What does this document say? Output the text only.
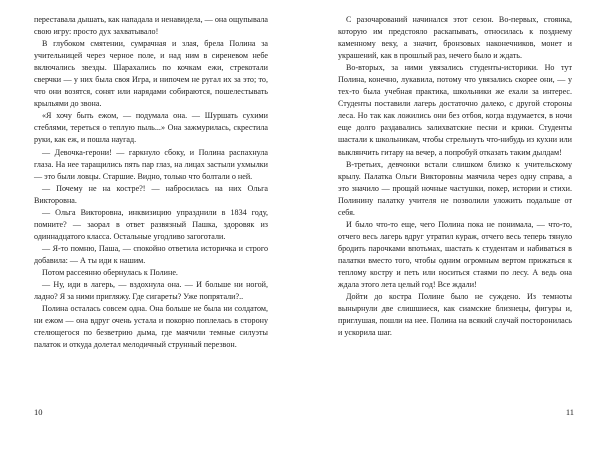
переставала дышать, как нападала и ненавидела, — она ощупывала свою игру: просто дух захватывало!

В глубоком смятении, сумрачная и злая, брела Полина за учительницей через черное поле, и над ним в сиреневом небе включались звезды. Шарахались по кочкам ежи, стрекотали сверчки — у них была своя Игра, и нипочем не ругал их за это; то, что они возятся, сонят или нарядами собираются, пошелестывать крыльями до звона.

«Я хочу быть ежом, — подумала она. — Шуршать сухими стеблями, тереться о теплую пыль...» Она зажмурилась, скрестила руки, как еж, и пошла наугад.

— Девочка-герони! — гаркнуло сбоку, и Полина распахнула глаза. На нее таращились пять пар глаз, на лицах застыли ухмылки — это были ловцы. Старшие. Видно, только что болтали о ней.

— Почему не на костре?! — набросилась на них Ольга Викторовна.

— Ольга Викторовна, инквизицию упразднили в 1834 году, помните? — заорал в ответ развязный Пашка, здоровяк из одиннадцатого класса. Остальные угодливо загоготали.

— Я-то помню, Паша, — спокойно ответила историчка и строго добавила: — А ты иди к нашим.

Потом рассеянно обернулась к Полине.

— Ну, иди в лагерь, — вздохнула она. — И больше ни ногой, ладно? Я за ними пригляжу. Где сигареты? Уже попрятали?..

Полина осталась совсем одна. Она больше не была ни солдатом, ни ежом — она вдруг очень устала и покорно поплелась в сторону стелющегося по безветрию дыма, где маячили темные силуэты палаток и откуда долетал мелодичный струнный перезвон.

10

С разочарований начинался этот сезон. Во-первых, стоянка, которую им предстояло раскапывать, относилась к позднему каменному веку, а значит, бронзовых наконечников, монет и украшений, как в прошлый раз, нечего было и ждать.

Во-вторых, за ними увязались студенты-историки. Но тут Полина, конечно, лукавила, потому что увязались скорее они, — у тех-то была учебная практика, школьники же ехали за интерес. Студенты поставили лагерь достаточно далеко, с другой стороны леса. Но так как ложились они без отбоя, когда вздумается, в ночи еще долго раздавались залихватские песни и крики. Студенты шастали к школьникам, чтобы стрельнуть что-нибудь из кухни или выклянчить гитару на вечер, а попробуй отказать таким дылдам!

В-третьих, девчонки встали слишком близко к учительскому крылу. Палатка Ольги Викторовны маячила через одну справа, а это значило — прощай ночные частушки, покер, истории и стихи. Полинину палатку учителя не позволили уложить подальше от себя.

И было что-то еще, чего Полина пока не понимала, — что-то, отчего весь лагерь вдруг утратил кураж, отчего весь теперь тянуло бродить парочками впотьмах, шастать к студентам и набиваться в палатки вместо того, чтобы одним огромным вертом прижаться к теплому костру и петь или носиться стаями по лесу. А ведь она ждала этого лета целый год! Все ждали!

Дойти до костра Полине было не суждено. Из темноты вынырнули две слишшиеся, как сиамские близнецы, фигуры и, приглушая, пошли на нее. Полина на всякий случай посторонилась и ускорила шаг.

11
